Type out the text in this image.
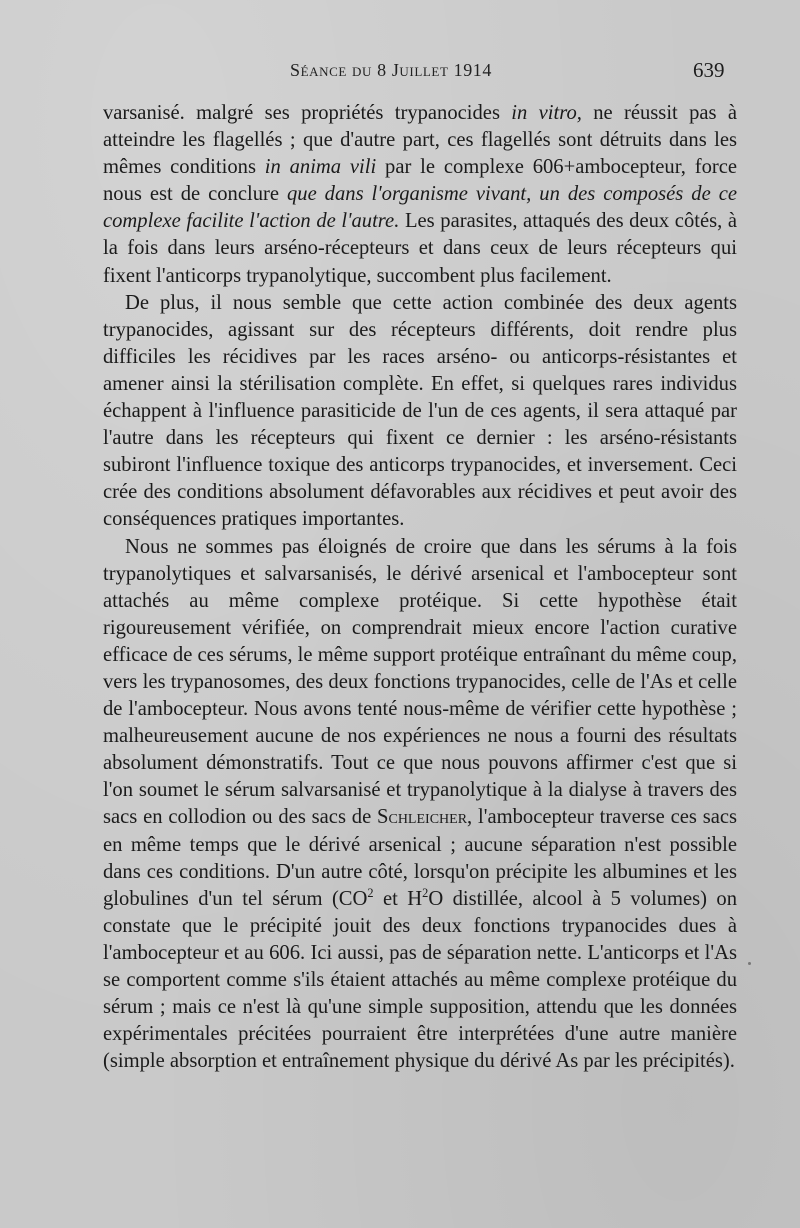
Séance du 8 Juillet 1914	639

varsanisé. malgré ses propriétés trypanocides in vitro, ne réussit pas à atteindre les flagellés ; que d'autre part, ces flagellés sont détruits dans les mêmes conditions in anima vili par le complexe 606+ambocepteur, force nous est de conclure que dans l'organisme vivant, un des composés de ce complexe facilite l'action de l'autre. Les parasites, attaqués des deux côtés, à la fois dans leurs arséno-récepteurs et dans ceux de leurs récepteurs qui fixent l'anticorps trypanolytique, succombent plus facilement.

De plus, il nous semble que cette action combinée des deux agents trypanocides, agissant sur des récepteurs différents, doit rendre plus difficiles les récidives par les races arséno- ou anticorps-résistantes et amener ainsi la stérilisation complète. En effet, si quelques rares individus échappent à l'influence parasiticide de l'un de ces agents, il sera attaqué par l'autre dans les récepteurs qui fixent ce dernier : les arséno-résistants subiront l'influence toxique des anticorps trypanocides, et inversement. Ceci crée des conditions absolument défavorables aux récidives et peut avoir des conséquences pratiques importantes.

Nous ne sommes pas éloignés de croire que dans les sérums à la fois trypanolytiques et salvarsanisés, le dérivé arsenical et l'ambocepteur sont attachés au même complexe protéique. Si cette hypothèse était rigoureusement vérifiée, on comprendrait mieux encore l'action curative efficace de ces sérums, le même support protéique entraînant du même coup, vers les trypanosomes, des deux fonctions trypanocides, celle de l'As et celle de l'ambocepteur. Nous avons tenté nous-même de vérifier cette hypothèse ; malheureusement aucune de nos expériences ne nous a fourni des résultats absolument démonstratifs. Tout ce que nous pouvons affirmer c'est que si l'on soumet le sérum salvarsanisé et trypanolytique à la dialyse à travers des sacs en collodion ou des sacs de Schleicher, l'ambocepteur traverse ces sacs en même temps que le dérivé arsenical ; aucune séparation n'est possible dans ces conditions. D'un autre côté, lorsqu'on précipite les albumines et les globulines d'un tel sérum ($CO^2$ et $H^2O$ distillée, alcool à 5 volumes) on constate que le précipité jouit des deux fonctions trypanocides dues à l'ambocepteur et au 606. Ici aussi, pas de séparation nette. L'anticorps et l'As se comportent comme s'ils étaient attachés au même complexe protéique du sérum ; mais ce n'est là qu'une simple supposition, attendu que les données expérimentales précitées pourraient être interprétées d'une autre manière (simple absorption et entraînement physique du dérivé As par les précipités).
